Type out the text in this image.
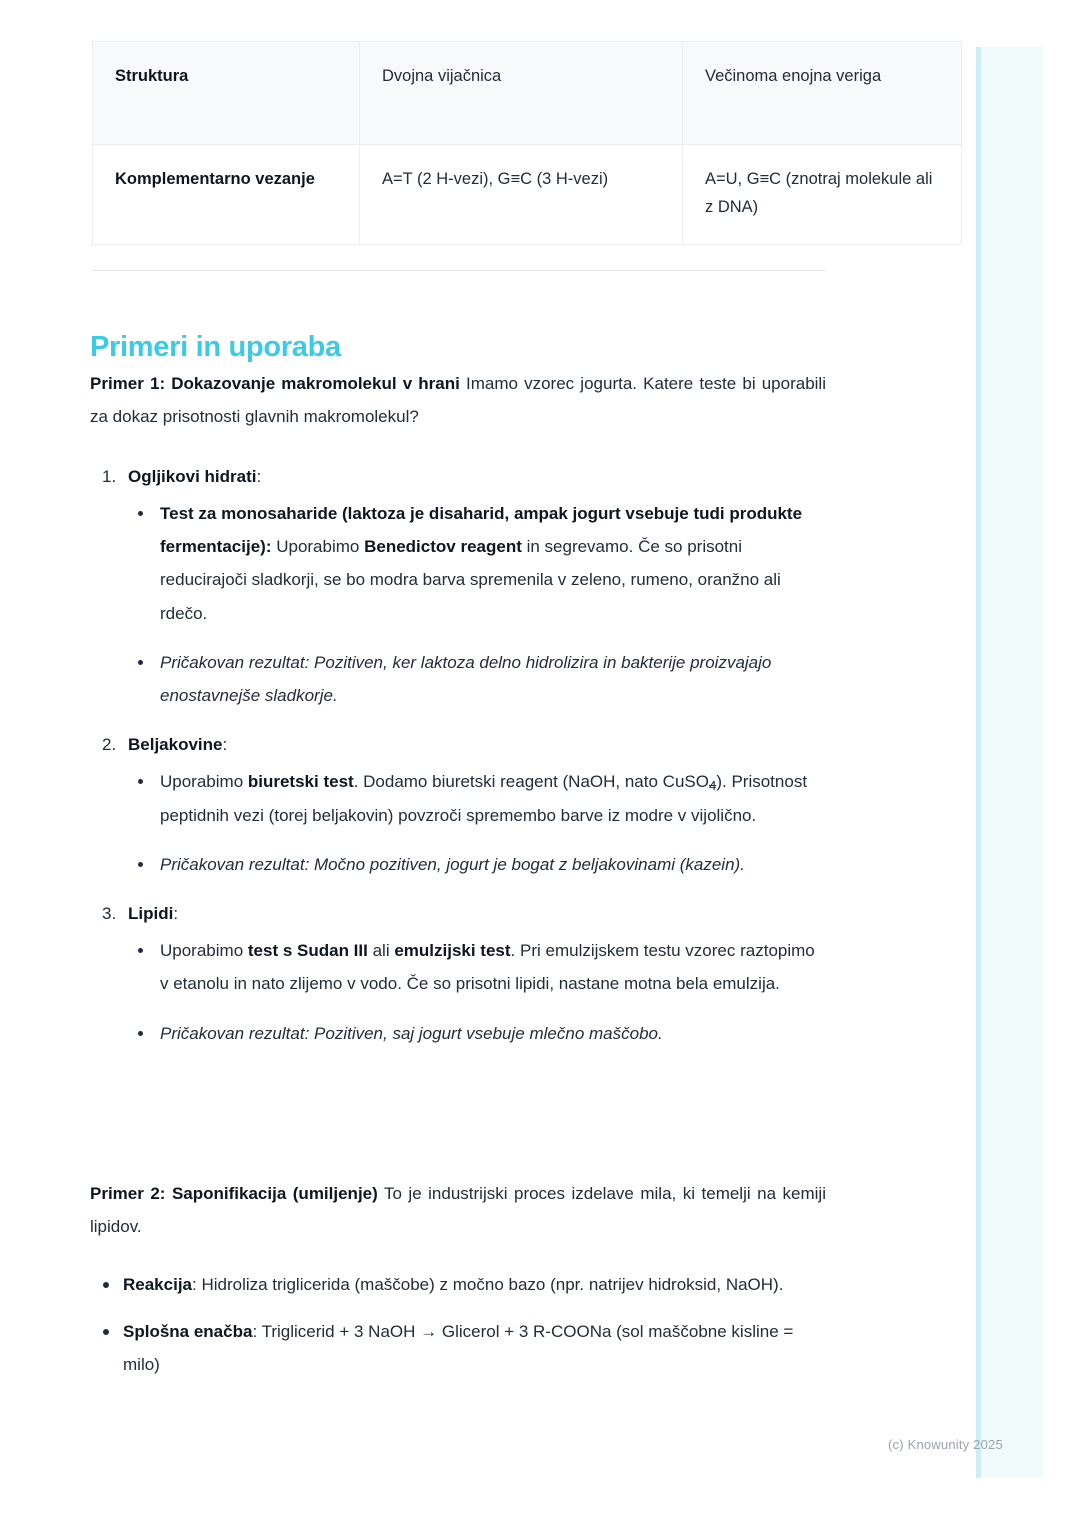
Struktura	Dvojna vijačnica	Večinoma enojna veriga
Komplementarno vezanje	A=T (2 H-vezi), G≡C (3 H-vezi)	A=U, G≡C (znotraj molekule ali z DNA)
Primeri in uporaba

Primer 1: Dokazovanje makromolekul v hrani Imamo vzorec jogurta. Katere teste bi uporabili za dokaz prisotnosti glavnih makromolekul?

1. Ogljikovi hidrati:
Test za monosaharide (laktoza je disaharid, ampak jogurt vsebuje tudi produkte fermentacije): Uporabimo Benedictov reagent in segrevamo. Če so prisotni reducirajoči sladkorji, se bo modra barva spremenila v zeleno, rumeno, oranžno ali rdečo.
Pričakovan rezultat: Pozitiven, ker laktoza delno hidrolizira in bakterije proizvajajo enostavnejše sladkorje.
2. Beljakovine:
Uporabimo biuretski test. Dodamo biuretski reagent (NaOH, nato CuSO4). Prisotnost peptidnih vezi (torej beljakovin) povzroči spremembo barve iz modre v vijolično.
Pričakovan rezultat: Močno pozitiven, jogurt je bogat z beljakovinami (kazein).
3. Lipidi:
Uporabimo test s Sudan III ali emulzijski test. Pri emulzijskem testu vzorec raztopimo v etanolu in nato zlijemo v vodo. Če so prisotni lipidi, nastane motna bela emulzija.
Pričakovan rezultat: Pozitiven, saj jogurt vsebuje mlečno maščobo.

Primer 2: Saponifikacija (umiljenje) To je industrijski proces izdelave mila, ki temelji na kemiji lipidov.

Reakcija: Hidroliza triglicerida (maščobe) z močno bazo (npr. natrijev hidroksid, NaOH).
Splošna enačba: Triglicerid + 3 NaOH → Glicerol + 3 R-COONa (sol maščobne kisline = milo)
(c) Knowunity 2025
